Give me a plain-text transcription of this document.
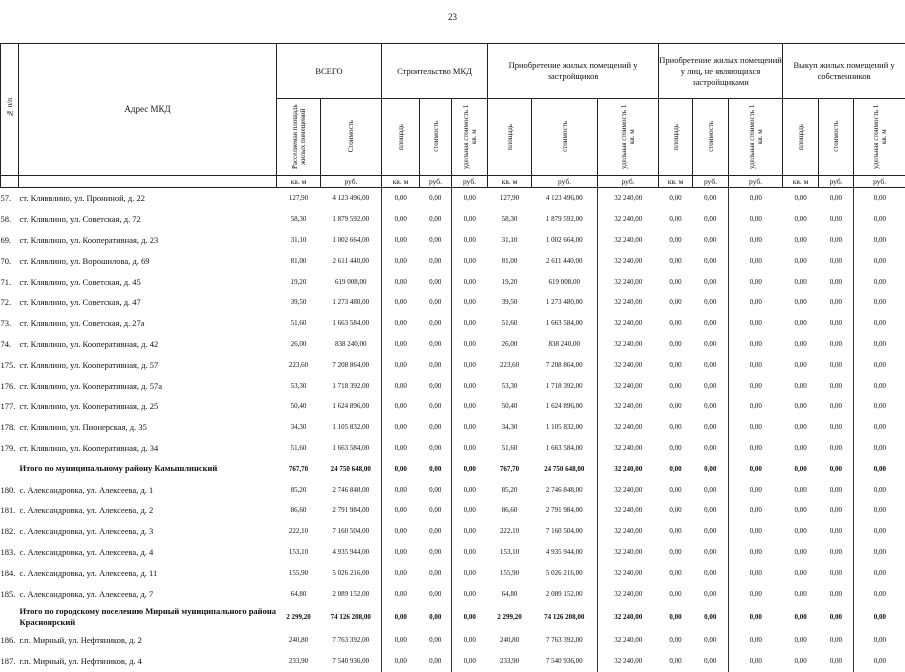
23
№ п/п	Адрес МКД	ВСЕГО		Строительство МКД			Приобретение жилых помещений у застройщиков			Приобретение жилых помещений у лиц, не являющихся застройщиками			Выкуп жилых помещений у собственников		
		Расселяемая площадь жилых помещений	Стоимость	площадь	стоимость	удельная стоимость 1 кв. м	площадь	стоимость	удельная стоимость 1 кв. м	площадь	стоимость	удельная стоимость 1 кв. м	площадь	стоимость	удельная стоимость 1 кв. м
		кв. м	руб.	кв. м	руб.	руб.	кв. м	руб.	руб.	кв. м	руб.	руб.	кв. м	руб.	руб.
57.	ст. Кляввлино, ул. Прониной, д. 22	127,90	4 123 496,00	0,00	0,00	0,00	127,90	4 123 496,00	32 240,00	0,00	0,00	0,00	0,00	0,00	0,00
58.	ст. Клявлино, ул. Советская, д. 72	58,30	1 879 592,00	0,00	0,00	0,00	58,30	1 879 592,00	32 240,00	0,00	0,00	0,00	0,00	0,00	0,00
69.	ст. Клявлино, ул. Кооперативная, д. 23	31,10	1 002 664,00	0,00	0,00	0,00	31,10	1 002 664,00	32 240,00	0,00	0,00	0,00	0,00	0,00	0,00
70.	ст. Клявлино, ул. Ворошилова, д. 69	81,00	2 611 440,00	0,00	0,00	0,00	81,00	2 611 440,00	32 240,00	0,00	0,00	0,00	0,00	0,00	0,00
71.	ст. Клявлино, ул. Советская, д. 45	19,20	619 008,00	0,00	0,00	0,00	19,20	619 008,00	32 240,00	0,00	0,00	0,00	0,00	0,00	0,00
72.	ст. Клявлино, ул. Советская, д. 47	39,50	1 273 480,00	0,00	0,00	0,00	39,50	1 273 480,00	32 240,00	0,00	0,00	0,00	0,00	0,00	0,00
73.	ст. Клявлино, ул. Советская, д. 27а	51,60	1 663 584,00	0,00	0,00	0,00	51,60	1 663 584,00	32 240,00	0,00	0,00	0,00	0,00	0,00	0,00
74.	ст. Клявлино, ул. Кооперативная, д. 42	26,00	838 240,00	0,00	0,00	0,00	26,00	838 240,00	32 240,00	0,00	0,00	0,00	0,00	0,00	0,00
175.	ст. Клявлино, ул. Кооперативная, д. 57	223,60	7 208 864,00	0,00	0,00	0,00	223,60	7 208 864,00	32 240,00	0,00	0,00	0,00	0,00	0,00	0,00
176.	ст. Клявлино, ул. Кооперативная, д. 57а	53,30	1 718 392,00	0,00	0,00	0,00	53,30	1 718 392,00	32 240,00	0,00	0,00	0,00	0,00	0,00	0,00
177.	ст. Клявлино, ул. Кооперативная, д. 25	50,40	1 624 896,00	0,00	0,00	0,00	50,40	1 624 896,00	32 240,00	0,00	0,00	0,00	0,00	0,00	0,00
178.	ст. Клявлино, ул. Пионерская, д. 35	34,30	1 105 832,00	0,00	0,00	0,00	34,30	1 105 832,00	32 240,00	0,00	0,00	0,00	0,00	0,00	0,00
179.	ст. Клявлино, ул. Кооперативная, д. 34	51,60	1 663 584,00	0,00	0,00	0,00	51,60	1 663 584,00	32 240,00	0,00	0,00	0,00	0,00	0,00	0,00
	Итого по муниципальному району Камышлинский	767,70	24 750 648,00	0,00	0,00	0,00	767,70	24 750 648,00	32 240,00	0,00	0,00	0,00	0,00	0,00	0,00
180.	с. Александровка, ул. Алексеева, д. 1	85,20	2 746 848,00	0,00	0,00	0,00	85,20	2 746 848,00	32 240,00	0,00	0,00	0,00	0,00	0,00	0,00
181.	с. Александровка, ул. Алексеева, д. 2	86,60	2 791 984,00	0,00	0,00	0,00	86,60	2 791 984,00	32 240,00	0,00	0,00	0,00	0,00	0,00	0,00
182.	с. Александровка, ул. Алексеева, д. 3	222,10	7 160 504,00	0,00	0,00	0,00	222,10	7 160 504,00	32 240,00	0,00	0,00	0,00	0,00	0,00	0,00
183.	с. Александровка, ул. Алексеева, д. 4	153,10	4 935 944,00	0,00	0,00	0,00	153,10	4 935 944,00	32 240,00	0,00	0,00	0,00	0,00	0,00	0,00
184.	с. Александровка, ул. Алексеева, д. 11	155,90	5 026 216,00	0,00	0,00	0,00	155,90	5 026 216,00	32 240,00	0,00	0,00	0,00	0,00	0,00	0,00
185.	с. Александровка, ул. Алексеева, д. 7	64,80	2 089 152,00	0,00	0,00	0,00	64,80	2 089 152,00	32 240,00	0,00	0,00	0,00	0,00	0,00	0,00
	Итого по городскому поселению Мирный муниципального района Красноярский	2 299,20	74 126 208,00	0,00	0,00	0,00	2 299,20	74 126 208,00	32 240,00	0,00	0,00	0,00	0,00	0,00	0,00
186.	г.п. Мирный, ул. Нефтяников, д. 2	240,80	7 763 392,00	0,00	0,00	0,00	240,80	7 763 392,00	32 240,00	0,00	0,00	0,00	0,00	0,00	0,00
187.	г.п. Мирный, ул. Нефтяников, д. 4	233,90	7 540 936,00	0,00	0,00	0,00	233,90	7 540 936,00	32 240,00	0,00	0,00	0,00	0,00	0,00	0,00
